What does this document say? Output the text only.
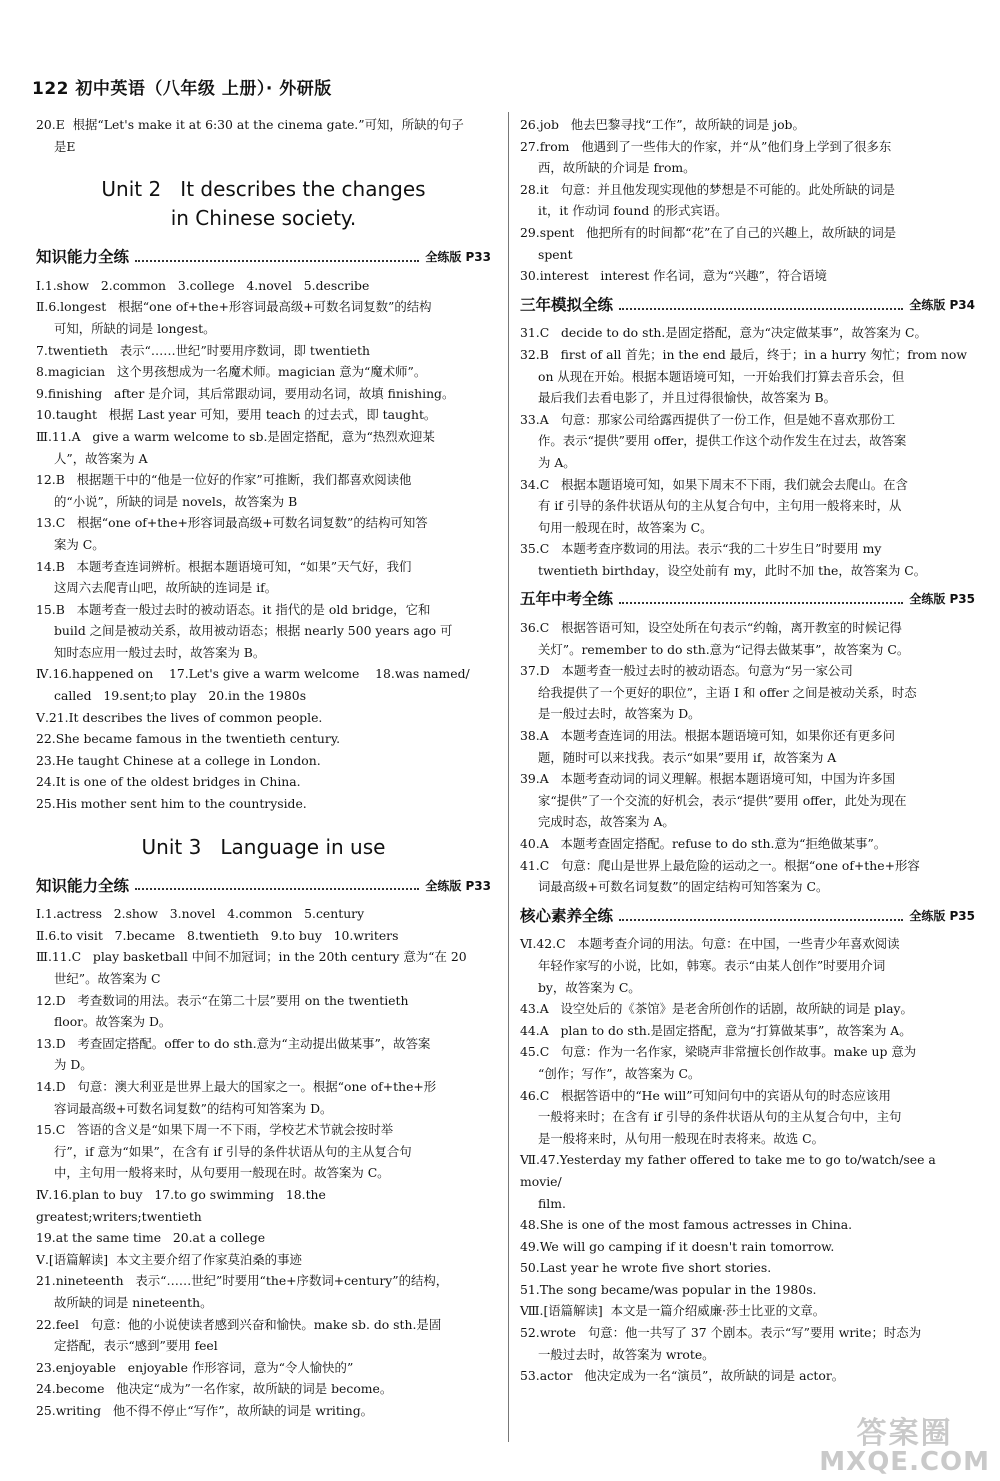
122 初中英语（八年级 上册）· 外研版
20.E  根据“Let's make it at 6:30 at the cinema gate.”可知，所缺的句子
是E
Unit 2   It describes the changes
in Chinese society.
知识能力全练	全练版 P33
Ⅰ.1.show   2.common   3.college   4.novel   5.describe
Ⅱ.6.longest   根据“one of+the+形容词最高级+可数名词复数”的结构
可知，所缺的词是 longest。
7.twentieth   表示“……世纪”时要用序数词，即 twentieth
8.magician   这个男孩想成为一名魔术师。magician 意为“魔术师”。
9.finishing   after 是介词，其后常跟动词，要用动名词，故填 finishing。
10.taught   根据 Last year 可知，要用 teach 的过去式，即 taught。
Ⅲ.11.A   give a warm welcome to sb.是固定搭配，意为“热烈欢迎某
人”，故答案为 A
12.B   根据题干中的“他是一位好的作家”可推断，我们都喜欢阅读他
的“小说”，所缺的词是 novels，故答案为 B
13.C   根据“one of+the+形容词最高级+可数名词复数”的结构可知答
案为 C。
14.B   本题考查连词辨析。根据本题语境可知，“如果”天气好，我们
这周六去爬青山吧，故所缺的连词是 if。
15.B   本题考查一般过去时的被动语态。it 指代的是 old bridge，它和
build 之间是被动关系，故用被动语态；根据 nearly 500 years ago 可
知时态应用一般过去时，故答案为 B。
Ⅳ.16.happened on    17.Let's give a warm welcome    18.was named/
called   19.sent;to play   20.in the 1980s
Ⅴ.21.It describes the lives of common people.
22.She became famous in the twentieth century.
23.He taught Chinese at a college in London.
24.It is one of the oldest bridges in China.
25.His mother sent him to the countryside.
Unit 3   Language in use
知识能力全练	全练版 P33
Ⅰ.1.actress   2.show   3.novel   4.common   5.century
Ⅱ.6.to visit   7.became   8.twentieth   9.to buy   10.writers
Ⅲ.11.C   play basketball 中间不加冠词；in the 20th century 意为“在 20
世纪”。故答案为 C
12.D   考查数词的用法。表示“在第二十层”要用 on the twentieth
floor。故答案为 D。
13.D   考查固定搭配。offer to do sth.意为“主动提出做某事”，故答案
为 D。
14.D   句意：澳大利亚是世界上最大的国家之一。根据“one of+the+形
容词最高级+可数名词复数”的结构可知答案为 D。
15.C   答语的含义是“如果下周一不下雨，学校艺术节就会按时举
行”，if 意为“如果”，在含有 if 引导的条件状语从句的主从复合句
中，主句用一般将来时，从句要用一般现在时。故答案为 C。
Ⅳ.16.plan to buy   17.to go swimming   18.the greatest;writers;twentieth
19.at the same time   20.at a college
Ⅴ.[语篇解读]  本文主要介绍了作家莫泊桑的事迹
21.nineteenth   表示“……世纪”时要用“the+序数词+century”的结构，
故所缺的词是 nineteenth。
22.feel   句意：他的小说使读者感到兴奋和愉快。make sb. do sth.是固
定搭配，表示“感到”要用 feel
23.enjoyable   enjoyable 作形容词，意为“令人愉快的”
24.become   他决定“成为”一名作家，故所缺的词是 become。
25.writing   他不得不停止“写作”，故所缺的词是 writing。
26.job   他去巴黎寻找“工作”，故所缺的词是 job。
27.from   他遇到了一些伟大的作家，并“从”他们身上学到了很多东
西，故所缺的介词是 from。
28.it   句意：并且他发现实现他的梦想是不可能的。此处所缺的词是
it，it 作动词 found 的形式宾语。
29.spent   他把所有的时间都“花”在了自己的兴趣上，故所缺的词是
spent
30.interest   interest 作名词，意为“兴趣”，符合语境
三年模拟全练	全练版 P34
31.C   decide to do sth.是固定搭配，意为“决定做某事”，故答案为 C。
32.B   first of all 首先；in the end 最后，终于；in a hurry 匆忙；from now
on 从现在开始。根据本题语境可知，一开始我们打算去音乐会，但
最后我们去看电影了，并且过得很愉快，故答案为 B。
33.A   句意：那家公司给露西提供了一份工作，但是她不喜欢那份工
作。表示“提供”要用 offer，提供工作这个动作发生在过去，故答案
为 A。
34.C   根据本题语境可知，如果下周末不下雨，我们就会去爬山。在含
有 if 引导的条件状语从句的主从复合句中，主句用一般将来时，从
句用一般现在时，故答案为 C。
35.C   本题考查序数词的用法。表示“我的二十岁生日”时要用 my
twentieth birthday，设空处前有 my，此时不加 the，故答案为 C。
五年中考全练	全练版 P35
36.C   根据答语可知，设空处所在句表示“约翰，离开教室的时候记得
关灯”。remember to do sth.意为“记得去做某事”，故答案为 C。
37.D   本题考查一般过去时的被动语态。句意为“另一家公司
给我提供了一个更好的职位”，主语 I 和 offer 之间是被动关系，时态
是一般过去时，故答案为 D。
38.A   本题考查连词的用法。根据本题语境可知，如果你还有更多问
题，随时可以来找我。表示“如果”要用 if，故答案为 A
39.A   本题考查动词的词义理解。根据本题语境可知，中国为许多国
家“提供”了一个交流的好机会，表示“提供”要用 offer，此处为现在
完成时态，故答案为 A。
40.A   本题考查固定搭配。refuse to do sth.意为“拒绝做某事”。
41.C   句意：爬山是世界上最危险的运动之一。根据“one of+the+形容
词最高级+可数名词复数”的固定结构可知答案为 C。
核心素养全练	全练版 P35
Ⅵ.42.C   本题考查介词的用法。句意：在中国，一些青少年喜欢阅读
年轻作家写的小说，比如，韩寒。表示“由某人创作”时要用介词
by，故答案为 C。
43.A   设空处后的《茶馆》是老舍所创作的话剧，故所缺的词是 play。
44.A   plan to do sth.是固定搭配，意为“打算做某事”，故答案为 A。
45.C   句意：作为一名作家，梁晓声非常擅长创作故事。make up 意为
“创作；写作”，故答案为 C。
46.C   根据答语中的“He will”可知问句中的宾语从句的时态应该用
一般将来时；在含有 if 引导的条件状语从句的主从复合句中，主句
是一般将来时，从句用一般现在时表将来。故选 C。
Ⅶ.47.Yesterday my father offered to take me to go to/watch/see a movie/
film.
48.She is one of the most famous actresses in China.
49.We will go camping if it doesn't rain tomorrow.
50.Last year he wrote five short stories.
51.The song became/was popular in the 1980s.
Ⅷ.[语篇解读]  本文是一篇介绍威廉·莎士比亚的文章。
52.wrote   句意：他一共写了 37 个剧本。表示“写”要用 write；时态为
一般过去时，故答案为 wrote。
53.actor   他决定成为一名“演员”，故所缺的词是 actor。
答案圈
MXQE.COM
